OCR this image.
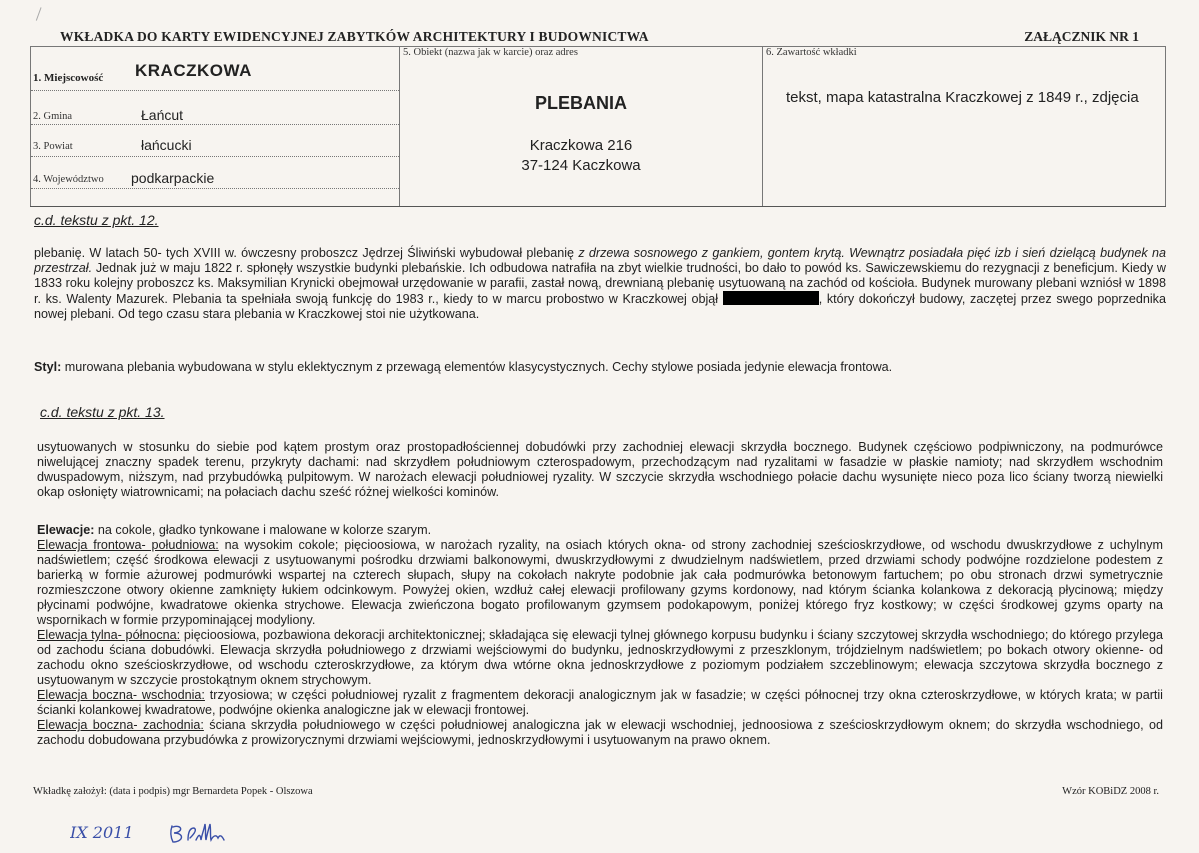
WKŁADKA DO KARTY EWIDENCYJNEJ ZABYTKÓW ARCHITEKTURY I BUDOWNICTWA	ZAŁĄCZNIK NR 1
1. Miejscowość KRACZKOWA
2. Gmina	Łańcut
3. Powiat	łańcucki
4. Województwo podkarpackie
5. Obiekt (nazwa jak w karcie) oraz adres
PLEBANIA
Kraczkowa 216
37-124 Kaczkowa
6. Zawartość wkładki
tekst, mapa katastralna Kraczkowej z 1849 r., zdjęcia
c.d. tekstu z pkt. 12.
plebanię. W latach 50- tych XVIII w. ówczesny proboszcz Jędrzej Śliwiński wybudował plebanię z drzewa sosnowego z gankiem, gontem krytą. Wewnątrz posiadała pięć izb i sień dzielącą budynek na przestrzał. Jednak już w maju 1822 r. spłonęły wszystkie budynki plebańskie. Ich odbudowa natrafiła na zbyt wielkie trudności, bo dało to powód ks. Sawiczewskiemu do rezygnacji z beneficjum. Kiedy w 1833 roku kolejny proboszcz ks. Maksymilian Krynicki obejmował urzędowanie w parafii, zastał nową, drewnianą plebanię usytuowaną na zachód od kościoła. Budynek murowany plebani wzniósł w 1898 r. ks. Walenty Mazurek. Plebania ta spełniała swoją funkcję do 1983 r., kiedy to w marcu probostwo w Kraczkowej objął	, który dokończył budowy, zaczętej przez swego poprzednika nowej plebani. Od tego czasu stara plebania w Kraczkowej stoi nie użytkowana.
Styl: murowana plebania wybudowana w stylu eklektycznym z przewagą elementów klasycystycznych. Cechy stylowe posiada jedynie elewacja frontowa.
c.d. tekstu z pkt. 13.
usytuowanych w stosunku do siebie pod kątem prostym oraz prostopadłościennej dobudówki przy zachodniej elewacji skrzydła bocznego. Budynek częściowo podpiwniczony, na podmurówce niwelującej znaczny spadek terenu, przykryty dachami: nad skrzydłem południowym czterospadowym, przechodzącym nad ryzalitami w fasadzie w płaskie namioty; nad skrzydłem wschodnim dwuspadowym, niższym, nad przybudówką pulpitowym. W narożach elewacji południowej ryzality. W szczycie skrzydła wschodniego połacie dachu wysunięte nieco poza lico ściany tworzą niewielki okap osłonięty wiatrownicami; na połaciach dachu sześć różnej wielkości kominów.
Elewacje: na cokole, gładko tynkowane i malowane w kolorze szarym.
Elewacja frontowa- południowa: na wysokim cokole; pięcioosiowa, w narożach ryzality, na osiach których okna- od strony zachodniej sześcioskrzydłowe, od wschodu dwuskrzydłowe z uchylnym nadświetlem; część środkowa elewacji z usytuowanymi pośrodku drzwiami balkonowymi, dwuskrzydłowymi z dwudzielnym nadświetlem, przed drzwiami schody podwójne rozdzielone podestem z barierką w formie ażurowej podmurówki wspartej na czterech słupach, słupy na cokołach nakryte podobnie jak cała podmurówka betonowym fartuchem; po obu stronach drzwi symetrycznie rozmieszczone otwory okienne zamknięty łukiem odcinkowym. Powyżej okien, wzdłuż całej elewacji profilowany gzyms kordonowy, nad którym ścianka kolankowa z dekoracją płycinową; między płycinami podwójne, kwadratowe okienka strychowe. Elewacja zwieńczona bogato profilowanym gzymsem podokapowym, poniżej którego fryz kostkowy; w części środkowej gzyms oparty na wspornikach w formie przypominającej modyliony.
Elewacja tylna- północna: pięcioosiowa, pozbawiona dekoracji architektonicznej; składająca się elewacji tylnej głównego korpusu budynku i ściany szczytowej skrzydła wschodniego; do którego przylega od zachodu ściana dobudówki. Elewacja skrzydła południowego z drzwiami wejściowymi do budynku, jednoskrzydłowymi z przeszklonym, trójdzielnym nadświetlem; po bokach otwory okienne- od zachodu okno sześcioskrzydłowe, od wschodu czteroskrzydłowe, za którym dwa wtórne okna jednoskrzydłowe z poziomym podziałem szczeblinowym; elewacja szczytowa skrzydła bocznego z usytuowanym w szczycie prostokątnym oknem strychowym.
Elewacja boczna- wschodnia: trzyosiowa; w części południowej ryzalit z fragmentem dekoracji analogicznym jak w fasadzie; w części północnej trzy okna czteroskrzydłowe, w których krata; w partii ścianki kolankowej kwadratowe, podwójne okienka analogiczne jak w elewacji frontowej.
Elewacja boczna- zachodnia: ściana skrzydła południowego w części południowej analogiczna jak w elewacji wschodniej, jednoosiowa z sześcioskrzydłowym oknem; do skrzydła wschodniego, od zachodu dobudowana przybudówka z prowizorycznymi drzwiami wejściowymi, jednoskrzydłowymi i usytuowanym na prawo oknem.
Wkładkę założył: (data i podpis) mgr Bernardeta Popek - Olszowa	Wzór KOBiDZ 2008 r.
IX 2011
